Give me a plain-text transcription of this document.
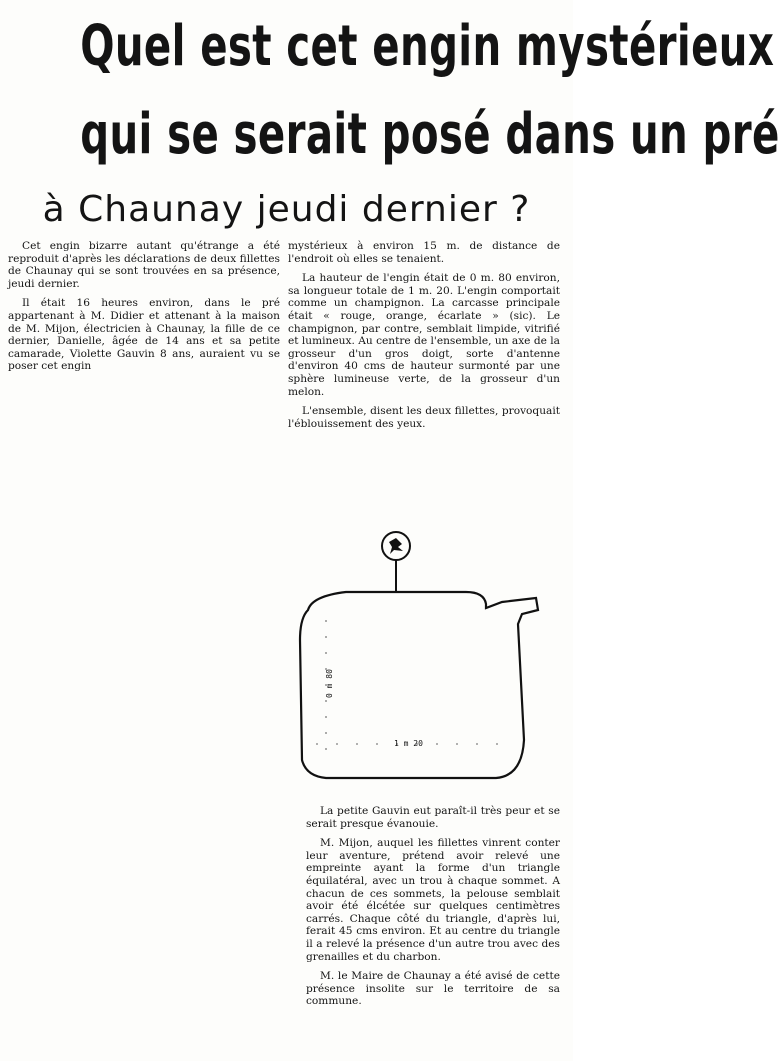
Quel est cet engin mystérieux
qui se serait posé dans un pré
à Chaunay jeudi dernier ?

Cet engin bizarre autant qu'étrange a été reproduit d'après les déclarations de deux fillettes de Chaunay qui se sont trouvées en sa présence, jeudi dernier.

Il était 16 heures environ, dans le pré appartenant à M. Didier et attenant à la maison de M. Mijon, électricien à Chaunay, la fille de ce dernier, Danielle, âgée de 14 ans et sa petite camarade, Violette Gauvin 8 ans, auraient vu se poser cet engin

mystérieux à environ 15 m. de distance de l'endroit où elles se tenaient.

La hauteur de l'engin était de 0 m. 80 environ, sa longueur totale de 1 m. 20. L'engin comportait comme un champignon. La carcasse principale était « rouge, orange, écarlate » (sic). Le champignon, par contre, semblait limpide, vitrifié et lumineux. Au centre de l'ensemble, un axe de la grosseur d'un gros doigt, sorte d'antenne d'environ 40 cms de hauteur surmonté par une sphère lumineuse verte, de la grosseur d'un melon.

L'ensemble, disent les deux fillettes, provoquait l'éblouissement des yeux.

0 m 80
1 m 20

La petite Gauvin eut paraît-il très peur et se serait presque évanouie.

M. Mijon, auquel les fillettes vinrent conter leur aventure, prétend avoir relevé une empreinte ayant la forme d'un triangle équilatéral, avec un trou à chaque sommet. A chacun de ces sommets, la pelouse semblait avoir été élcétée sur quelques centimètres carrés. Chaque côté du triangle, d'après lui, ferait 45 cms environ. Et au centre du triangle il a relevé la présence d'un autre trou avec des grenailles et du charbon.

M. le Maire de Chaunay a été avisé de cette présence insolite sur le territoire de sa commune.
